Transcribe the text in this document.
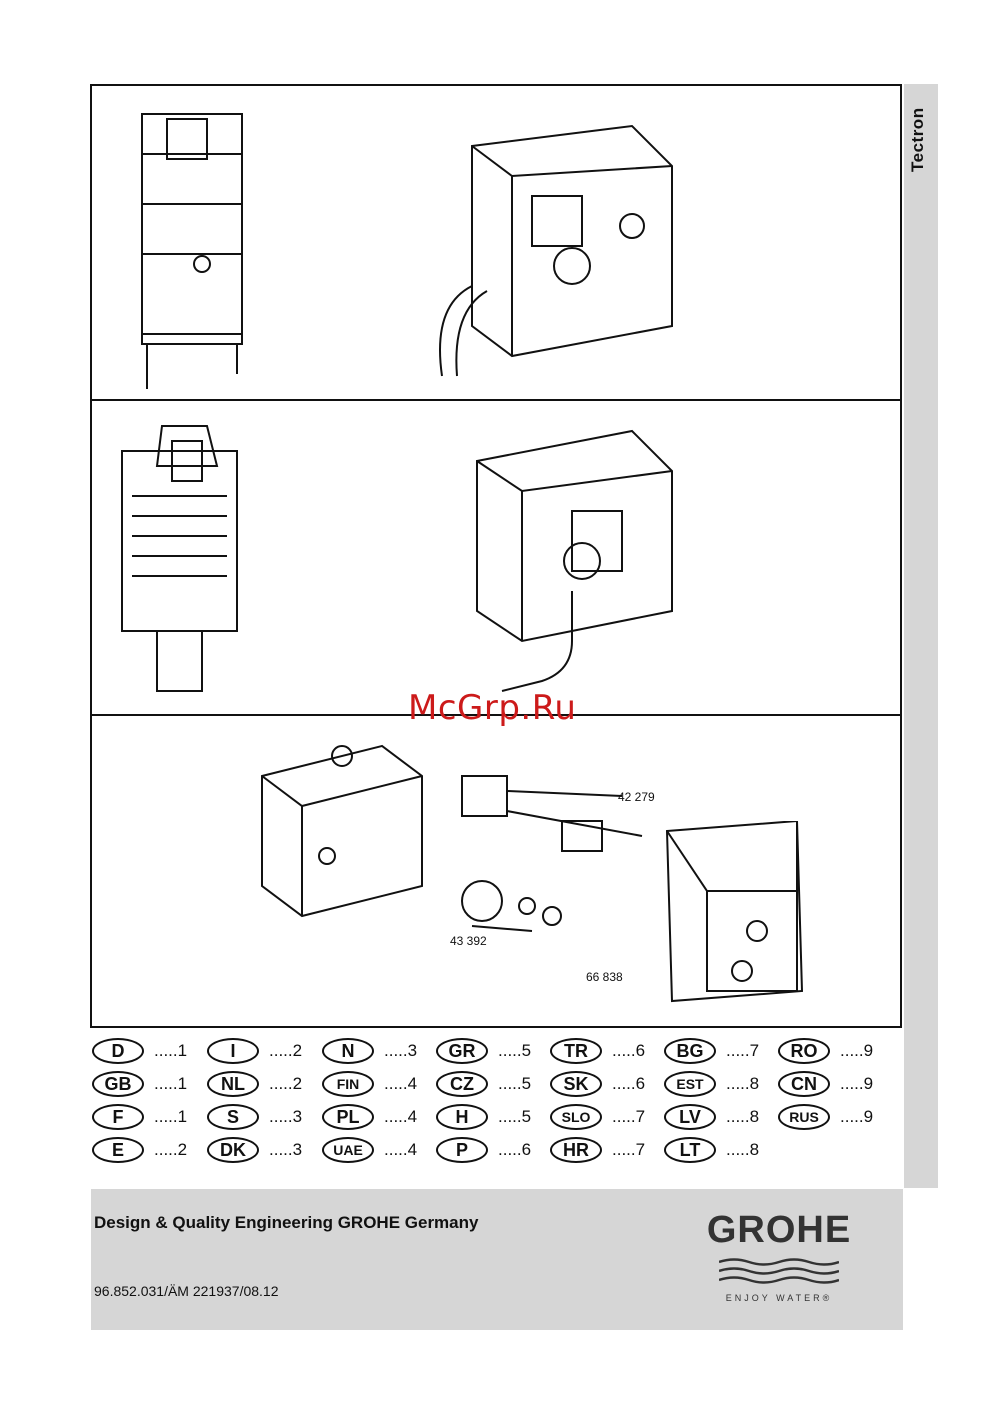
42 279
43 392
66 838
McGrp.Ru
Tectron
D	.....1	I	.....2	N	.....3	GR	.....5	TR	.....6	BG	.....7	RO	.....9
GB	.....1	NL	.....2	FIN	.....4	CZ	.....5	SK	.....6	EST	.....8	CN	.....9
F	.....1	S	.....3	PL	.....4	H	.....5	SLO	.....7	LV	.....8	RUS	.....9
E	.....2	DK	.....3	UAE	.....4	P	.....6	HR	.....7	LT	.....8
Design & Quality Engineering GROHE Germany
96.852.031/ÄM 221937/08.12
GROHE
ENJOY WATER®
